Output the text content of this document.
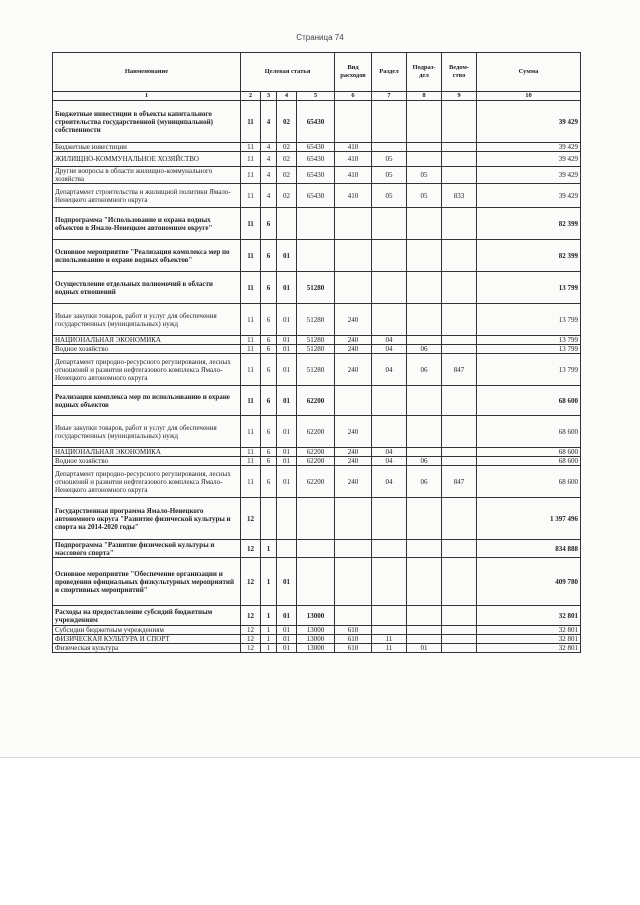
Страница 74
Наименование	Целевая статья				Вид расходов	Раздел	Подраз-дел	Ведом-ство	Сумма
1	2	3	4	5	6	7	8	9	10
Бюджетные инвестиции в объекты капитального строительства государственной (муниципальной) собственности	11	4	02	65430					39 429
Бюджетные инвестиции	11	4	02	65430	410				39 429
ЖИЛИЩНО-КОММУНАЛЬНОЕ ХОЗЯЙСТВО	11	4	02	65430	410	05			39 429
Другие вопросы в области жилищно-коммунального хозяйства	11	4	02	65430	410	05	05		39 429
Департамент строительства и жилищной политики Ямало-Ненецкого автономного округа	11	4	02	65430	410	05	05	833	39 429
Подпрограмма "Использование и охрана водных объектов в Ямало-Ненецком автономном округе"	11	6							82 399
Основное мероприятие "Реализация комплекса мер по использованию и охране водных объектов"	11	6	01						82 399
Осуществление отдельных полномочий в области водных отношений	11	6	01	51280					13 799
Иные закупки товаров, работ и услуг для обеспечения государственных (муниципальных) нужд	11	6	01	51280	240				13 799
НАЦИОНАЛЬНАЯ ЭКОНОМИКА	11	6	01	51280	240	04			13 799
Водное хозяйство	11	6	01	51280	240	04	06		13 799
Департамент природно-ресурсного регулирования, лесных отношений и развития нефтегазового комплекса Ямало-Ненецкого автономного округа	11	6	01	51280	240	04	06	847	13 799
Реализация комплекса мер по использованию и охране водных объектов	11	6	01	62200					68 600
Иные закупки товаров, работ и услуг для обеспечения государственных (муниципальных) нужд	11	6	01	62200	240				68 600
НАЦИОНАЛЬНАЯ ЭКОНОМИКА	11	6	01	62200	240	04			68 600
Водное хозяйство	11	6	01	62200	240	04	06		68 600
Департамент природно-ресурсного регулирования, лесных отношений и развития нефтегазового комплекса Ямало-Ненецкого автономного округа	11	6	01	62200	240	04	06	847	68 600
Государственная программа Ямало-Ненецкого автономного округа "Развитие физической культуры и спорта на 2014-2020 годы"	12								1 397 496
Подпрограмма "Развитие физической культуры и массового спорта"	12	1							834 888
Основное мероприятие "Обеспечение организации и проведения официальных физкультурных мероприятий и спортивных мероприятий"	12	1	01						409 780
Расходы на предоставление субсидий бюджетным учреждениям	12	1	01	13000					32 801
Субсидии бюджетным учреждениям	12	1	01	13000	610				32 801
ФИЗИЧЕСКАЯ КУЛЬТУРА И СПОРТ	12	1	01	13000	610	11			32 801
Физическая культура	12	1	01	13000	610	11	01		32 801
